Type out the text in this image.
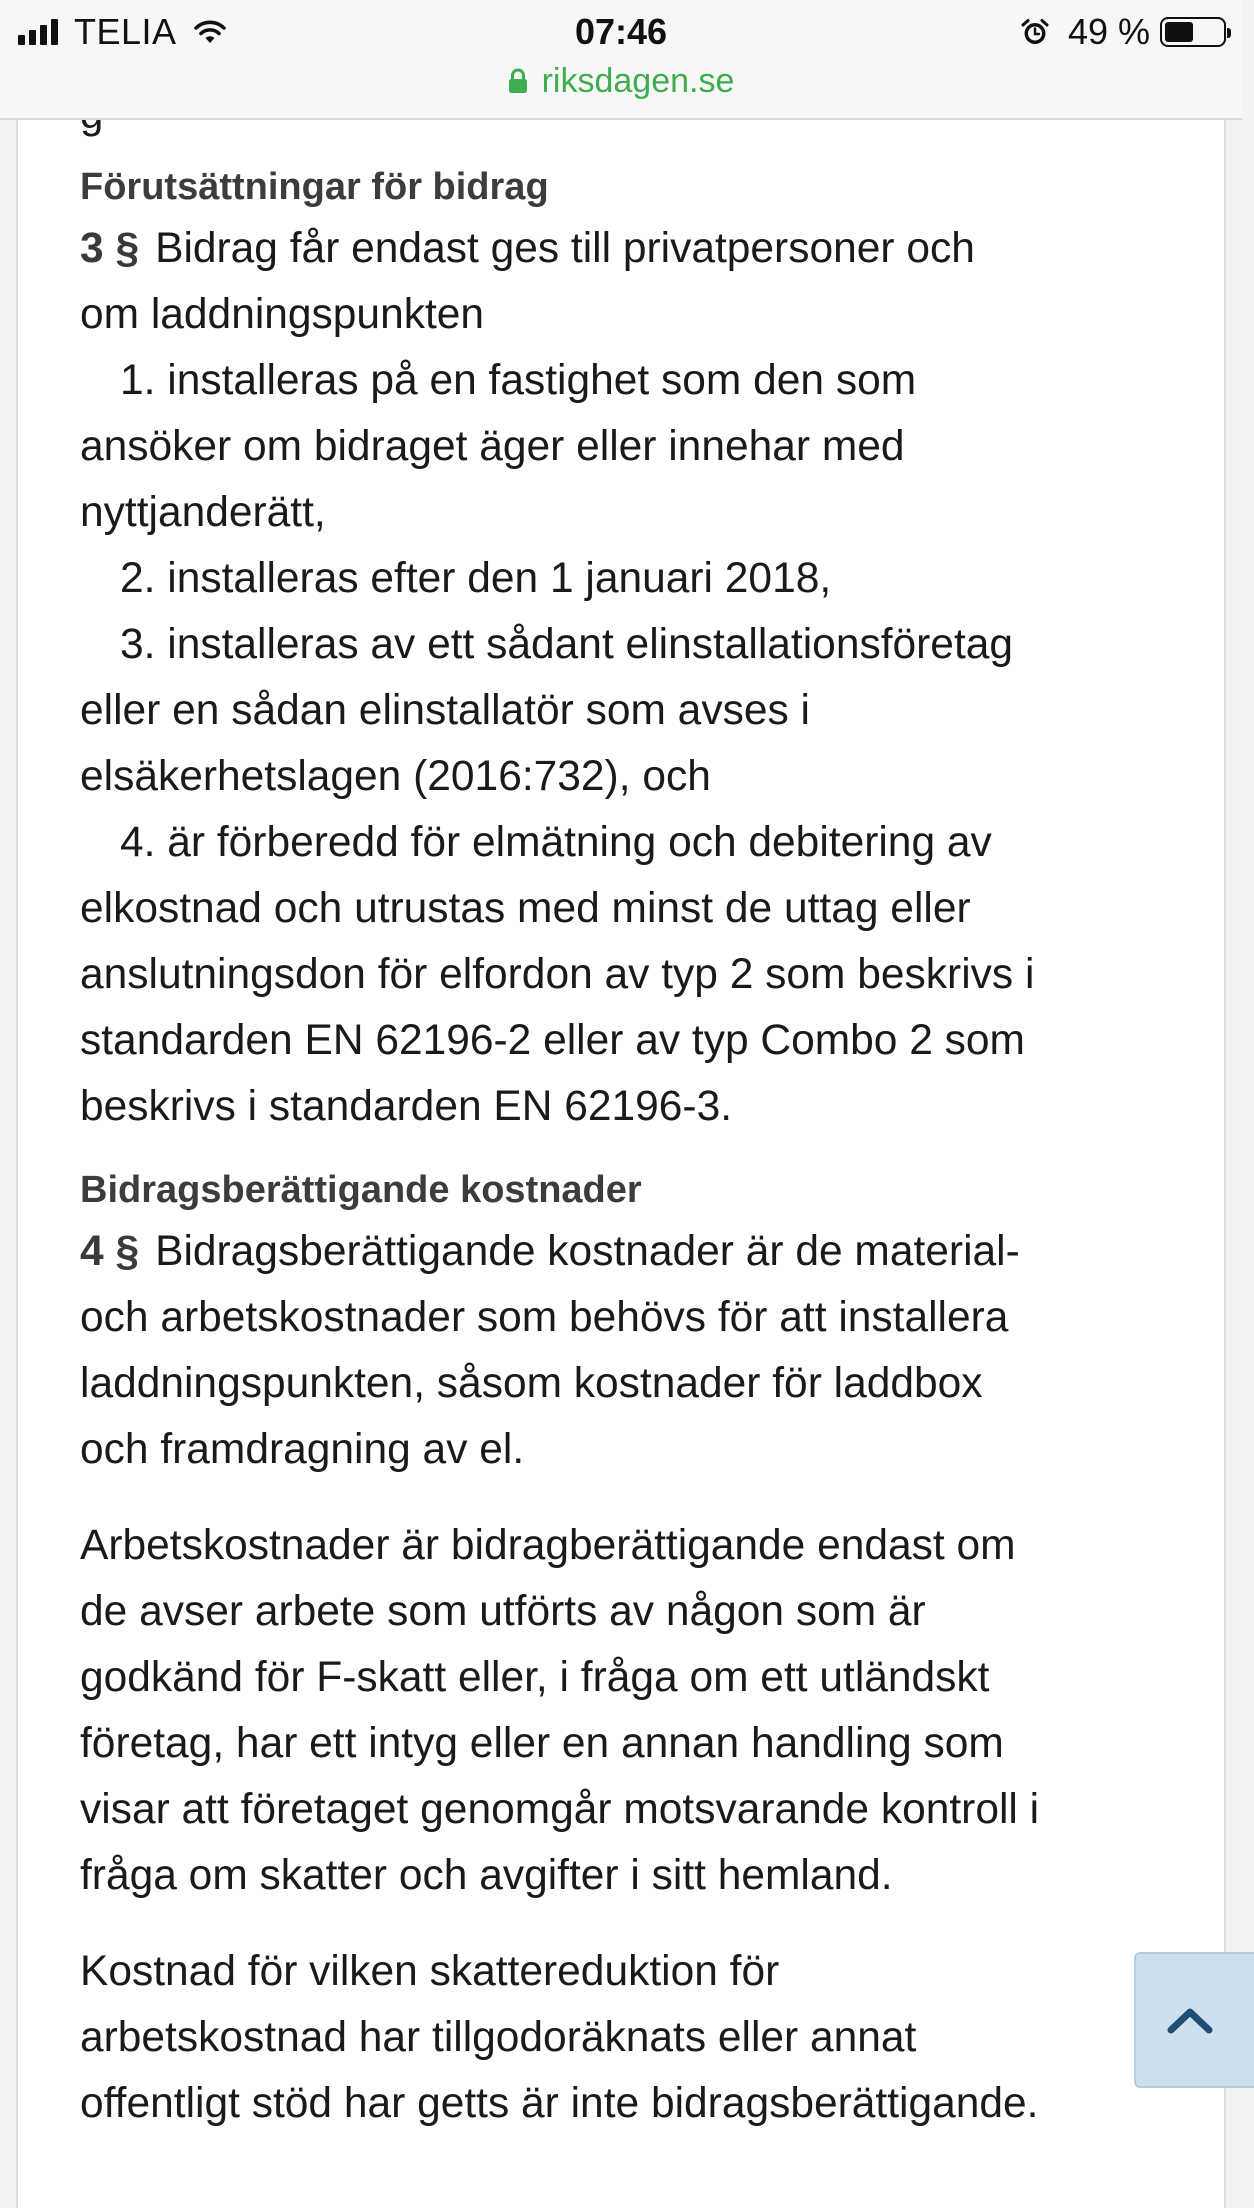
TELIA	07:46	49 %
riksdagen.se
Förutsättningar för bidrag
3 § Bidrag får endast ges till privatpersoner och
om laddningspunkten
1. installeras på en fastighet som den som
ansöker om bidraget äger eller innehar med
nyttjanderätt,
2. installeras efter den 1 januari 2018,
3. installeras av ett sådant elinstallationsföretag
eller en sådan elinstallatör som avses i
elsäkerhetslagen (2016:732), och
4. är förberedd för elmätning och debitering av
elkostnad och utrustas med minst de uttag eller
anslutningsdon för elfordon av typ 2 som beskrivs i
standarden EN 62196-2 eller av typ Combo 2 som
beskrivs i standarden EN 62196-3.
Bidragsberättigande kostnader
4 § Bidragsberättigande kostnader är de material-
och arbetskostnader som behövs för att installera
laddningspunkten, såsom kostnader för laddbox
och framdragning av el.
Arbetskostnader är bidragberättigande endast om
de avser arbete som utförts av någon som är
godkänd för F-skatt eller, i fråga om ett utländskt
företag, har ett intyg eller en annan handling som
visar att företaget genomgår motsvarande kontroll i
fråga om skatter och avgifter i sitt hemland.
Kostnad för vilken skattereduktion för
arbetskostnad har tillgodoräknats eller annat
offentligt stöd har getts är inte bidragsberättigande.
